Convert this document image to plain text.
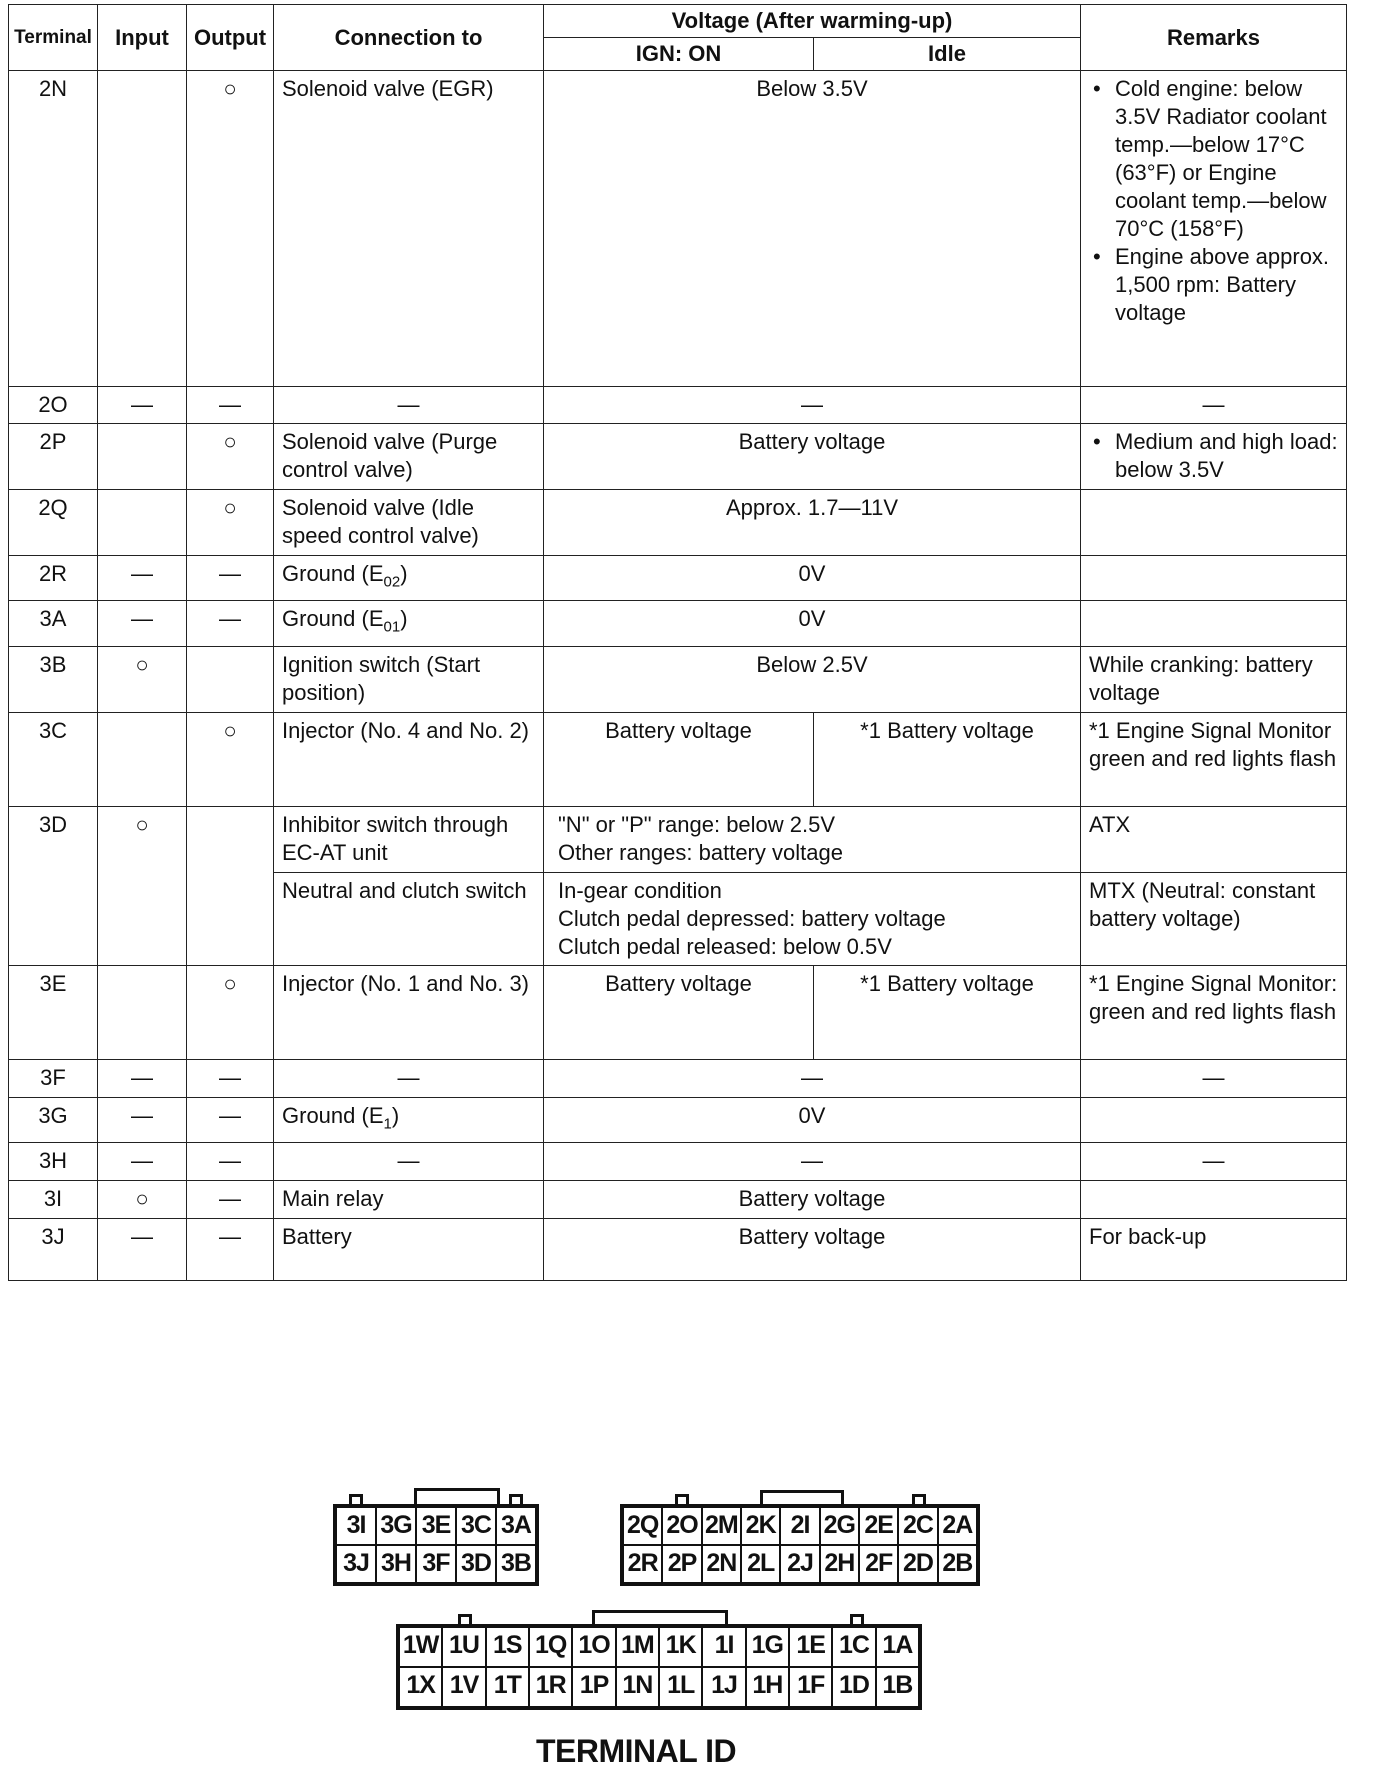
Terminal	Input	Output	Connection to	Voltage (After warming-up)		Remarks
				IGN: ON	Idle	
2N		○	Solenoid valve (EGR)	Below 3.5V		• Cold engine: below 3.5V Radiator coolant temp.—below 17°C (63°F) or Engine coolant temp.—below 70°C (158°F)

• Engine above approx. 1,500 rpm: Battery voltage

2O	—	—	—	—		—
2P		○	Solenoid valve (Purge control valve)	Battery voltage		• Medium and high load: below 3.5V

2Q		○	Solenoid valve (Idle speed control valve)	Approx. 1.7—11V		
2R	—	—	Ground $(E_{02})$	0V		
3A	—	—	Ground $(E_{01})$	0V		
3B	○		Ignition switch (Start position)	Below 2.5V		While cranking: battery voltage
3C		○	Injector (No. 4 and No. 2)	Battery voltage	*1 Battery voltage	*1 Engine Signal Monitor green and red lights flash
3D	○		Inhibitor switch through EC-AT unit	"N" or "P" range: below 2.5V
Other ranges: battery voltage		ATX
			Neutral and clutch switch	In-gear condition
Clutch pedal depressed: battery voltage
Clutch pedal released: below 0.5V		MTX (Neutral: constant battery voltage)
3E		○	Injector (No. 1 and No. 3)	Battery voltage	*1 Battery voltage	*1 Engine Signal Monitor: green and red lights flash
3F	—	—	—	—		—
3G	—	—	Ground $(E_1)$	0V		
3H	—	—	—	—		—
3I	○	—	Main relay	Battery voltage		
3J	—	—	Battery	Battery voltage		For back-up
3I 3G 3E 3C 3A
3J 3H 3F 3D 3B
2Q 2O 2M 2K 2I 2G 2E 2C 2A
2R 2P 2N 2L 2J 2H 2F 2D 2B
1W 1U 1S 1Q 1O 1M 1K 1I 1G 1E 1C 1A
1X 1V 1T 1R 1P 1N 1L 1J 1H 1F 1D 1B
TERMINAL ID
